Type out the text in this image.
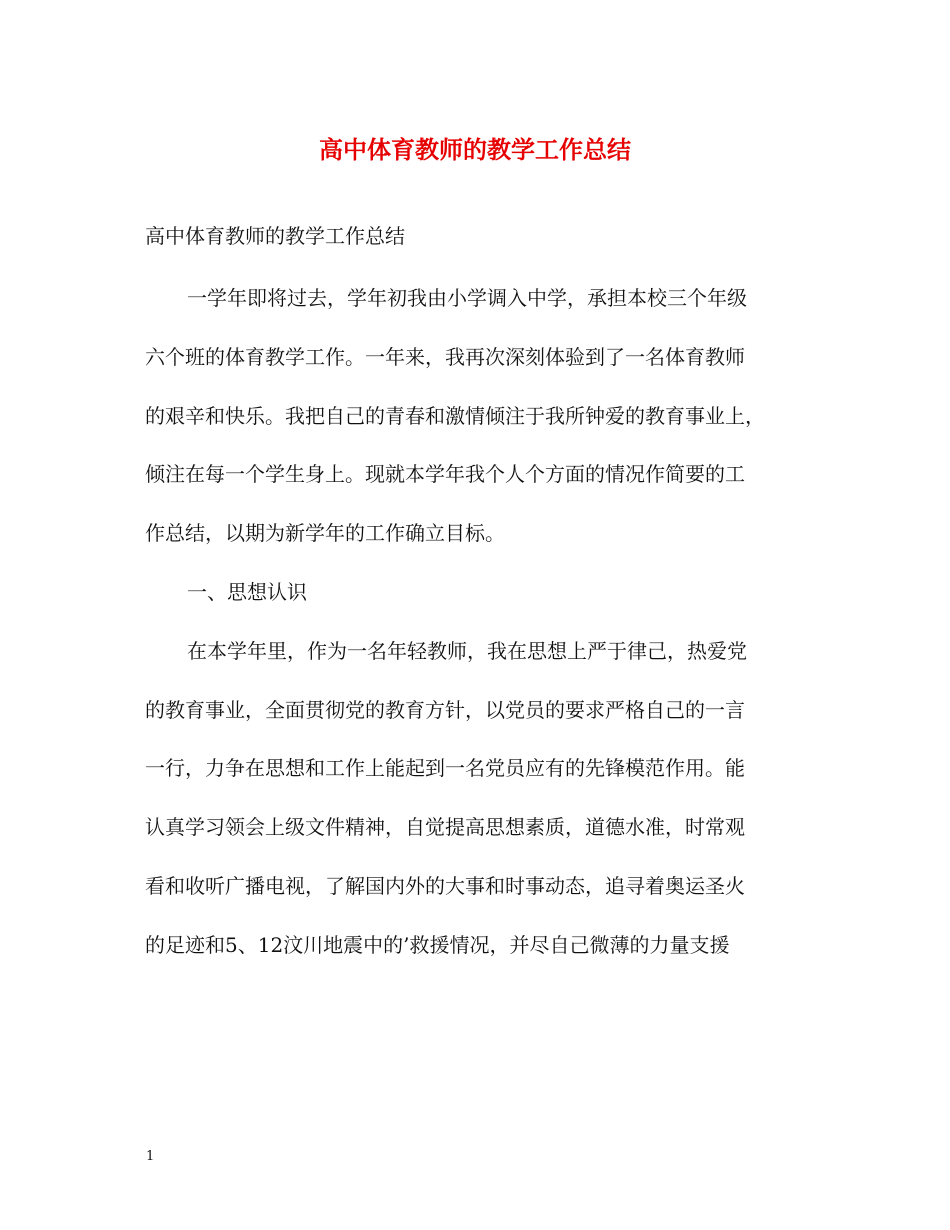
高中体育教师的教学工作总结
高中体育教师的教学工作总结
一学年即将过去，学年初我由小学调入中学，承担本校三个年级
六个班的体育教学工作。一年来，我再次深刻体验到了一名体育教师
的艰辛和快乐。我把自己的青春和激情倾注于我所钟爱的教育事业上，
倾注在每一个学生身上。现就本学年我个人个方面的情况作简要的工
作总结，以期为新学年的工作确立目标。
一、思想认识
在本学年里，作为一名年轻教师，我在思想上严于律己，热爱党
的教育事业，全面贯彻党的教育方针，以党员的要求严格自己的一言
一行，力争在思想和工作上能起到一名党员应有的先锋模范作用。能
认真学习领会上级文件精神，自觉提高思想素质，道德水准，时常观
看和收听广播电视，了解国内外的大事和时事动态，追寻着奥运圣火
的足迹和5、12汶川地震中的’救援情况，并尽自己微薄的力量支援
1
